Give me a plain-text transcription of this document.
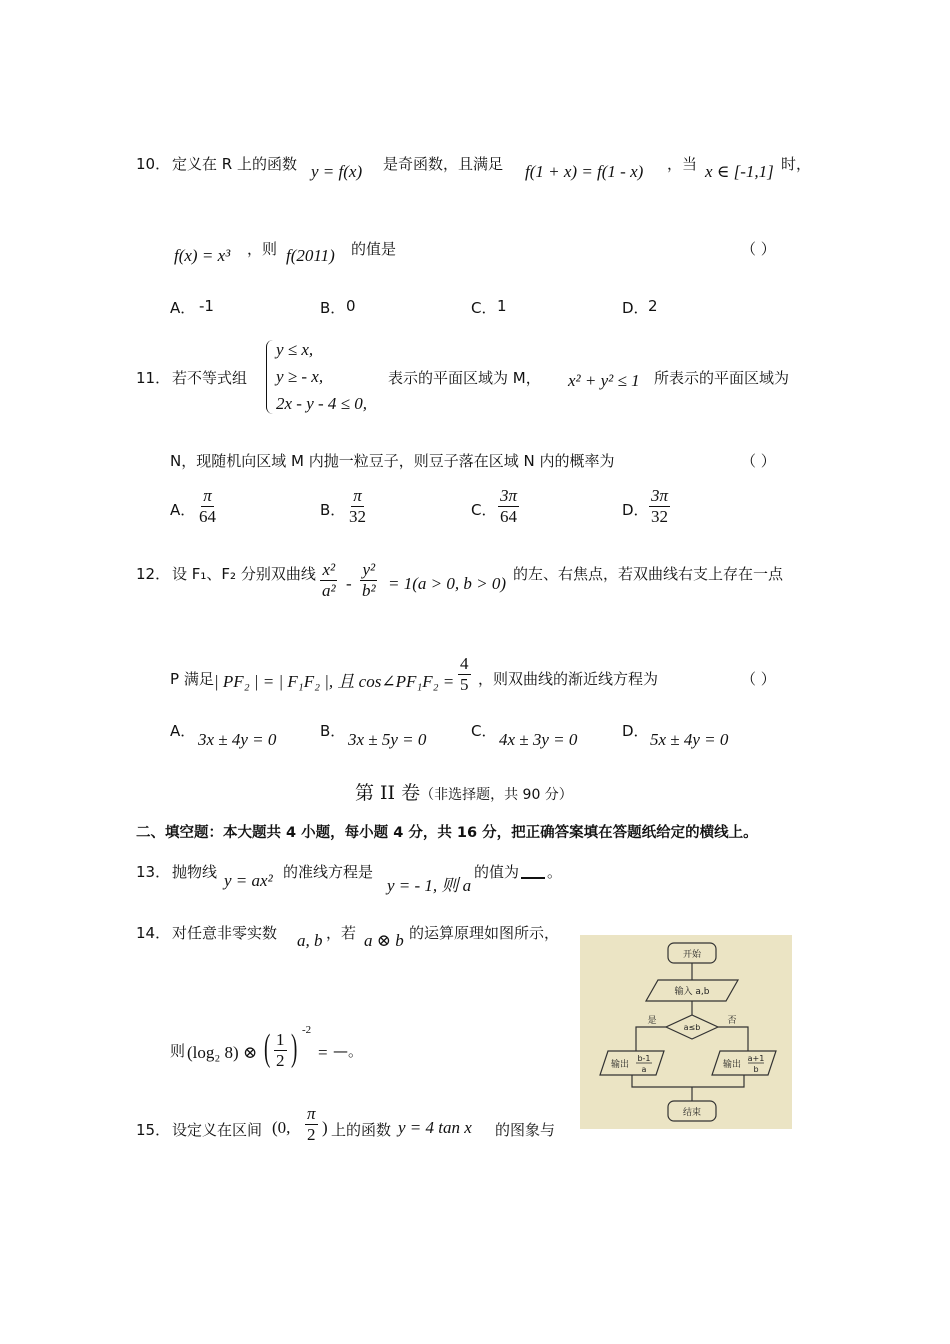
10． 定义在 R 上的函数 y = f(x) 是奇函数，且满足 f(1 + x) = f(1 - x) ，当 x ∈ [-1,1] 时，
f(x) = x³ ，则 f(2011) 的值是	（ ）
A． -1	B． 0	C． 1	D． 2
11． 若不等式组
y ≤ x,
y ≥ - x,
2x - y - 4 ≤ 0,
表示的平面区域为 M， x² + y² ≤ 1 所表示的平面区域为
N，现随机向区域 M 内抛一粒豆子，则豆子落在区域 N 内的概率为	（ ）
A． $\frac{\pi}{64}$	B． $\frac{\pi}{32}$	C． $\frac{3\pi}{64}$	D． $\frac{3\pi}{32}$
12． 设 F₁、F₂ 分别双曲线 $\frac{\text{x²}}{\text{a²}} - \frac{\text{y²}}{\text{b²}} = 1(a > 0$, b > 0) 的左、右焦点，若双曲线右支上存在一点
P 满足 | PF₂ | = | F₁F₂ |, 且 cos∠PF₁F₂ = $\frac{4}{5}$ ，则双曲线的渐近线方程为	（ ）
A． 3x ± 4y = 0	B． 3x ± 5y = 0	C． 4x ± 3y = 0	D． 5x ± 4y = 0
第 II 卷（非选择题，共 90 分）
二、填空题：本大题共 4 小题，每小题 4 分，共 16 分，把正确答案填在答题纸给定的横线上。
13． 抛物线 y = ax² 的准线方程是
y = - 1, 则 a
的值为 。
14． 对任意非零实数 a, b ，若 a ⊗ b 的运算原理如图所示，
则 (log₂ 8) ⊗ ( $\frac{1}{2}$ ) -2
= —。
15． 设定义在区间 (0, $\frac{\pi}{2}$ ) 上的函数 y = 4 tan x 的图象与
开始
输入 a,b
a≤b
是	否
输出
b-1
a	输出
a+1
b
结束
